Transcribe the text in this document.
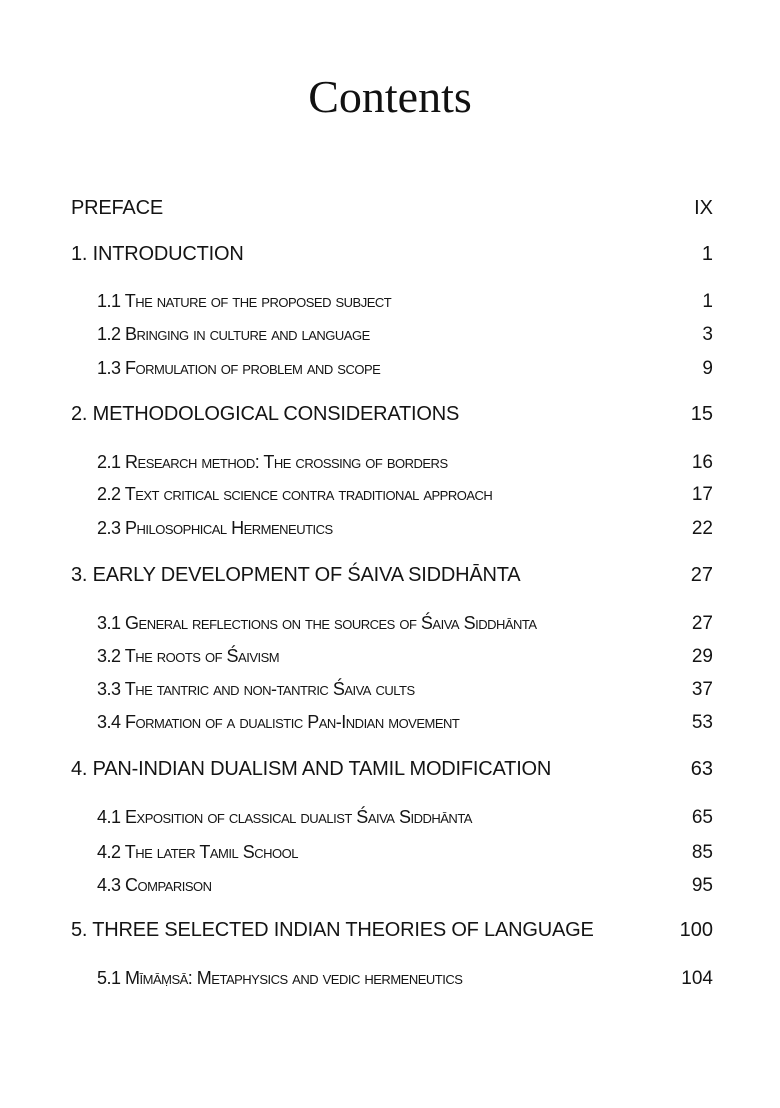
Contents
PREFACE	IX
1. INTRODUCTION	1
1.1 The nature of the proposed subject	1
1.2 Bringing in culture and language	3
1.3 Formulation of problem and scope	9
2. METHODOLOGICAL CONSIDERATIONS	15
2.1 Research method: The crossing of borders	16
2.2 Text critical science contra traditional approach	17
2.3 Philosophical Hermeneutics	22
3. EARLY DEVELOPMENT OF ŚAIVA SIDDHĀNTA	27
3.1 General reflections on the sources of Śaiva Siddhānta	27
3.2 The roots of Śaivism	29
3.3 The tantric and non-tantric Śaiva cults	37
3.4 Formation of a dualistic Pan-Indian movement	53
4. PAN-INDIAN DUALISM AND TAMIL MODIFICATION	63
4.1 Exposition of classical dualist Śaiva Siddhānta	65
4.2 The later Tamil School	85
4.3 Comparison	95
5. THREE SELECTED INDIAN THEORIES OF LANGUAGE	100
5.1 Mīmāṃsā: Metaphysics and vedic hermeneutics	104
